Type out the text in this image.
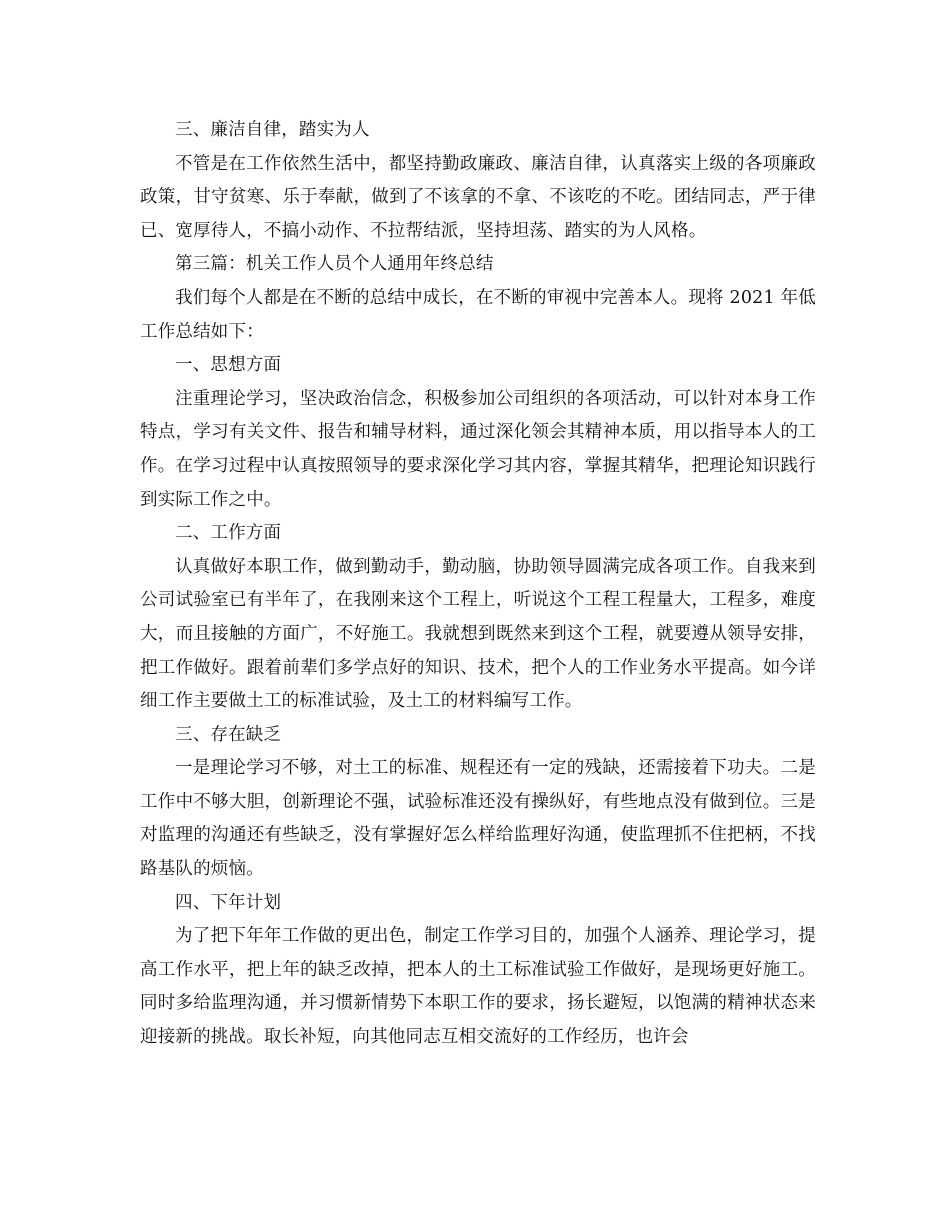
三、廉洁自律，踏实为人

不管是在工作依然生活中，都坚持勤政廉政、廉洁自律，认真落实上级的各项廉政政策，甘守贫寒、乐于奉献，做到了不该拿的不拿、不该吃的不吃。团结同志，严于律已、宽厚待人，不搞小动作、不拉帮结派，坚持坦荡、踏实的为人风格。

第三篇：机关工作人员个人通用年终总结

我们每个人都是在不断的总结中成长，在不断的审视中完善本人。现将 2021 年低工作总结如下：

一、思想方面

注重理论学习，坚决政治信念，积极参加公司组织的各项活动，可以针对本身工作特点，学习有关文件、报告和辅导材料，通过深化领会其精神本质，用以指导本人的工作。在学习过程中认真按照领导的要求深化学习其内容，掌握其精华，把理论知识践行到实际工作之中。

二、工作方面

认真做好本职工作，做到勤动手，勤动脑，协助领导圆满完成各项工作。自我来到公司试验室已有半年了，在我刚来这个工程上，听说这个工程工程量大，工程多，难度大，而且接触的方面广，不好施工。我就想到既然来到这个工程，就要遵从领导安排，把工作做好。跟着前辈们多学点好的知识、技术，把个人的工作业务水平提高。如今详细工作主要做土工的标准试验，及土工的材料编写工作。

三、存在缺乏

一是理论学习不够，对土工的标准、规程还有一定的残缺，还需接着下功夫。二是工作中不够大胆，创新理论不强，试验标准还没有操纵好，有些地点没有做到位。三是对监理的沟通还有些缺乏，没有掌握好怎么样给监理好沟通，使监理抓不住把柄，不找路基队的烦恼。

四、下年计划

为了把下年年工作做的更出色，制定工作学习目的，加强个人涵养、理论学习，提高工作水平，把上年的缺乏改掉，把本人的土工标准试验工作做好，是现场更好施工。同时多给监理沟通，并习惯新情势下本职工作的要求，扬长避短，以饱满的精神状态来迎接新的挑战。取长补短，向其他同志互相交流好的工作经历，也许会
